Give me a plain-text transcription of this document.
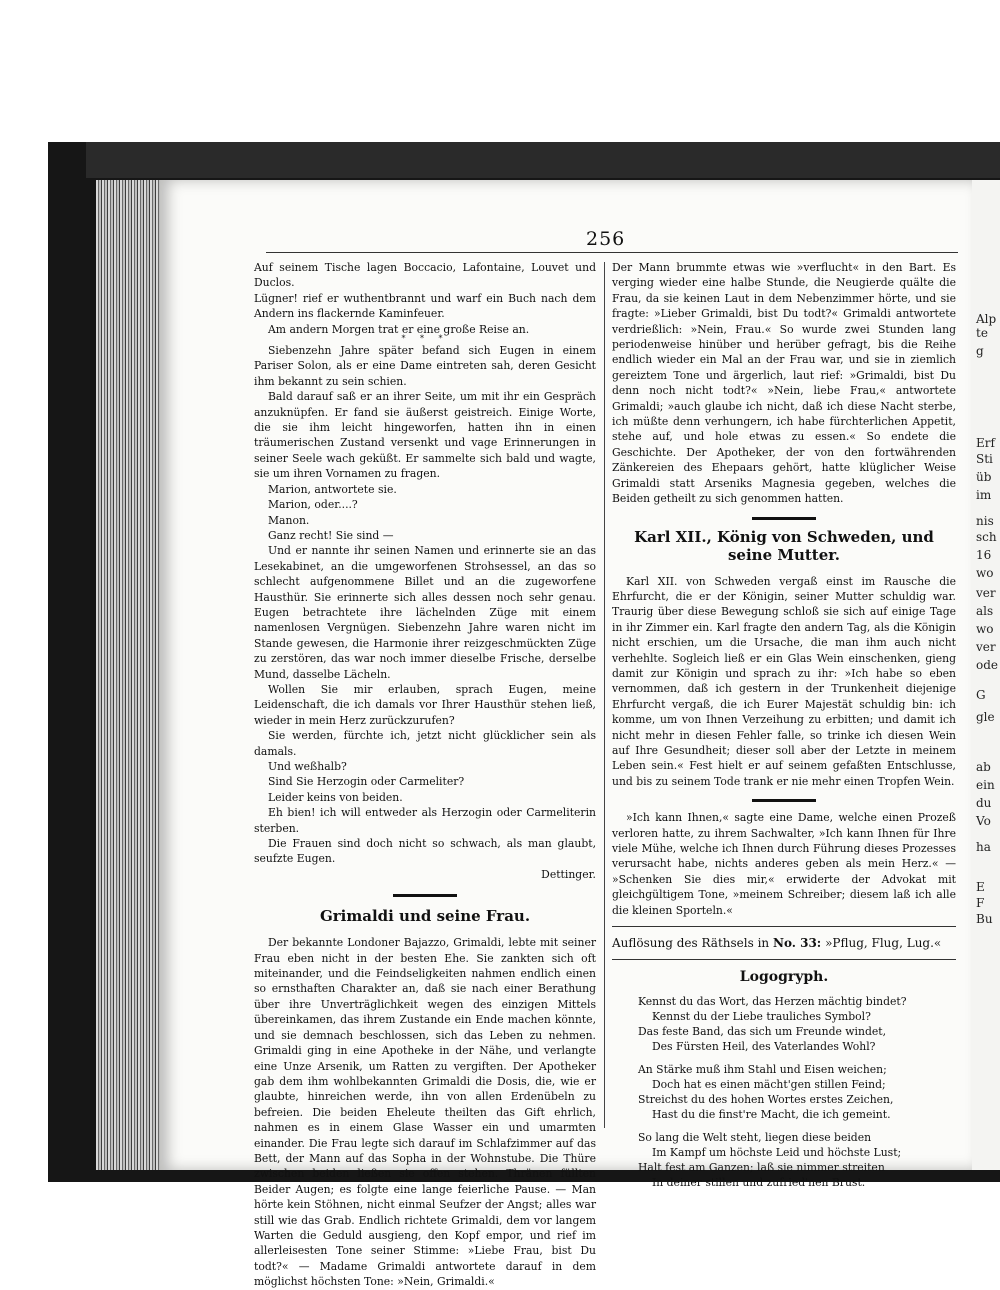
Alp
te
g
Erf
Sti
üb
im
nis
sch
16
wo
ver
als
wo
ver
ode
G
gle
ab
ein
du
Vo
ha
E
F
Bu
256

Auf seinem Tische lagen Boccacio, Lafontaine, Louvet und Duclos.

Lügner! rief er wuthentbrannt und warf ein Buch nach dem Andern ins flackernde Kaminfeuer.

Am andern Morgen trat er eine große Reise an.

* * *

Siebenzehn Jahre später befand sich Eugen in einem Pariser Solon, als er eine Dame eintreten sah, deren Gesicht ihm bekannt zu sein schien.

Bald darauf saß er an ihrer Seite, um mit ihr ein Gespräch anzuknüpfen. Er fand sie äußerst geistreich. Einige Worte, die sie ihm leicht hingeworfen, hatten ihn in einen träumerischen Zustand versenkt und vage Erinnerungen in seiner Seele wach geküßt. Er sammelte sich bald und wagte, sie um ihren Vornamen zu fragen.

Marion, antwortete sie.

Marion, oder....?

Manon.

Ganz recht! Sie sind —

Und er nannte ihr seinen Namen und erinnerte sie an das Lesekabinet, an die umgeworfenen Strohsessel, an das so schlecht aufgenommene Billet und an die zugeworfene Hausthür. Sie erinnerte sich alles dessen noch sehr genau. Eugen betrachtete ihre lächelnden Züge mit einem namenlosen Vergnügen. Siebenzehn Jahre waren nicht im Stande gewesen, die Harmonie ihrer reizgeschmückten Züge zu zerstören, das war noch immer dieselbe Frische, derselbe Mund, dasselbe Lächeln.

Wollen Sie mir erlauben, sprach Eugen, meine Leidenschaft, die ich damals vor Ihrer Hausthür stehen ließ, wieder in mein Herz zurückzurufen?

Sie werden, fürchte ich, jetzt nicht glücklicher sein als damals.

Und weßhalb?

Sind Sie Herzogin oder Carmeliter?

Leider keins von beiden.

Eh bien! ich will entweder als Herzogin oder Carmeliterin sterben.

Die Frauen sind doch nicht so schwach, als man glaubt, seufzte Eugen.

Dettinger.

Grimaldi und seine Frau.

Der bekannte Londoner Bajazzo, Grimaldi, lebte mit seiner Frau eben nicht in der besten Ehe. Sie zankten sich oft miteinander, und die Feindseligkeiten nahmen endlich einen so ernsthaften Charakter an, daß sie nach einer Berathung über ihre Unverträglichkeit wegen des einzigen Mittels übereinkamen, das ihrem Zustande ein Ende machen könnte, und sie demnach beschlossen, sich das Leben zu nehmen. Grimaldi ging in eine Apotheke in der Nähe, und verlangte eine Unze Arsenik, um Ratten zu vergiften. Der Apotheker gab dem ihm wohlbekannten Grimaldi die Dosis, die, wie er glaubte, hinreichen werde, ihn von allen Erdenübeln zu befreien. Die beiden Eheleute theilten das Gift ehrlich, nahmen es in einem Glase Wasser ein und umarmten einander. Die Frau legte sich darauf im Schlafzimmer auf das Bett, der Mann auf das Sopha in der Wohnstube. Die Thüre zwischen beiden ließen sie offen stehen. Thränen füllten Beider Augen; es folgte eine lange feierliche Pause. — Man hörte kein Stöhnen, nicht einmal Seufzer der Angst; alles war still wie das Grab. Endlich richtete Grimaldi, dem vor langem Warten die Geduld ausgieng, den Kopf empor, und rief im allerleisesten Tone seiner Stimme: »Liebe Frau, bist Du todt?« — Madame Grimaldi antwortete darauf in dem möglichst höchsten Tone: »Nein, Grimaldi.«

Der Mann brummte etwas wie »verflucht« in den Bart. Es verging wieder eine halbe Stunde, die Neugierde quälte die Frau, da sie keinen Laut in dem Nebenzimmer hörte, und sie fragte: »Lieber Grimaldi, bist Du todt?« Grimaldi antwortete verdrießlich: »Nein, Frau.« So wurde zwei Stunden lang periodenweise hinüber und herüber gefragt, bis die Reihe endlich wieder ein Mal an der Frau war, und sie in ziemlich gereiztem Tone und ärgerlich, laut rief: »Grimaldi, bist Du denn noch nicht todt?« »Nein, liebe Frau,« antwortete Grimaldi; »auch glaube ich nicht, daß ich diese Nacht sterbe, ich müßte denn verhungern, ich habe fürchterlichen Appetit, stehe auf, und hole etwas zu essen.« So endete die Geschichte. Der Apotheker, der von den fortwährenden Zänkereien des Ehepaars gehört, hatte klüglicher Weise Grimaldi statt Arseniks Magnesia gegeben, welches die Beiden getheilt zu sich genommen hatten.

Karl XII., König von Schweden, und seine Mutter.

Karl XII. von Schweden vergaß einst im Rausche die Ehrfurcht, die er der Königin, seiner Mutter schuldig war. Traurig über diese Bewegung schloß sie sich auf einige Tage in ihr Zimmer ein. Karl fragte den andern Tag, als die Königin nicht erschien, um die Ursache, die man ihm auch nicht verhehlte. Sogleich ließ er ein Glas Wein einschenken, gieng damit zur Königin und sprach zu ihr: »Ich habe so eben vernommen, daß ich gestern in der Trunkenheit diejenige Ehrfurcht vergaß, die ich Eurer Majestät schuldig bin: ich komme, um von Ihnen Verzeihung zu erbitten; und damit ich nicht mehr in diesen Fehler falle, so trinke ich diesen Wein auf Ihre Gesundheit; dieser soll aber der Letzte in meinem Leben sein.« Fest hielt er auf seinem gefaßten Entschlusse, und bis zu seinem Tode trank er nie mehr einen Tropfen Wein.

»Ich kann Ihnen,« sagte eine Dame, welche einen Prozeß verloren hatte, zu ihrem Sachwalter, »Ich kann Ihnen für Ihre viele Mühe, welche ich Ihnen durch Führung dieses Prozesses verursacht habe, nichts anderes geben als mein Herz.« — »Schenken Sie dies mir,« erwiderte der Advokat mit gleichgültigem Tone, »meinem Schreiber; diesem laß ich alle die kleinen Sporteln.«

Auflösung des Räthsels in No. 33: »Pflug, Flug, Lug.«
Logogryph.
Kennst du das Wort, das Herzen mächtig bindet?
Kennst du der Liebe trauliches Symbol?
Das feste Band, das sich um Freunde windet,
Des Fürsten Heil, des Vaterlandes Wohl?
An Stärke muß ihm Stahl und Eisen weichen;
Doch hat es einen mächt'gen stillen Feind;
Streichst du des hohen Wortes erstes Zeichen,
Hast du die finst're Macht, die ich gemeint.
So lang die Welt steht, liegen diese beiden
Im Kampf um höchste Leid und höchste Lust;
Halt fest am Ganzen; laß sie nimmer streiten
In deiner stillen und zufried'nen Brust.
